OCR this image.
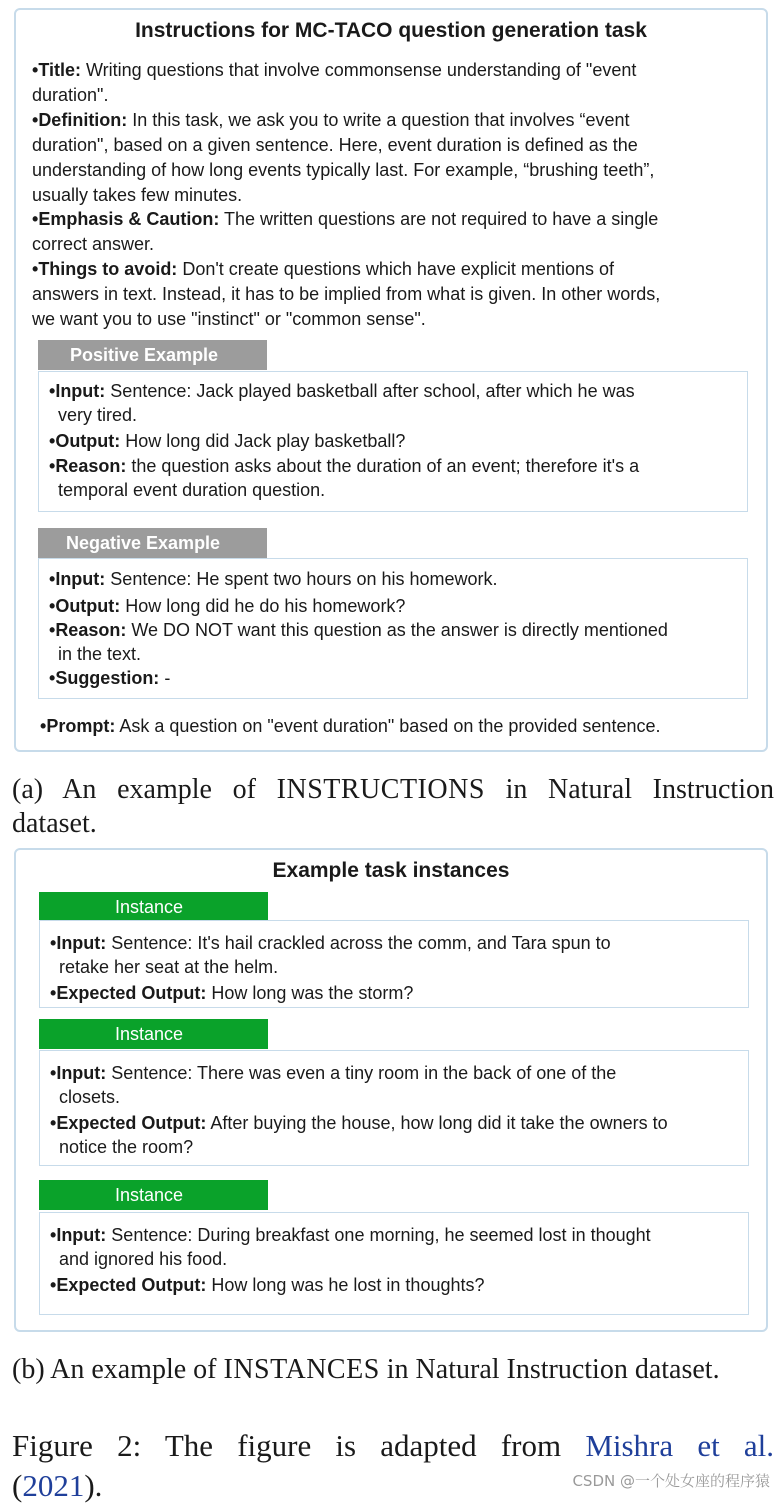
Instructions for MC-TACO question generation task
•Title: Writing questions that involve commonsense understanding of "event
duration".
•Definition: In this task, we ask you to write a question that involves “event
duration", based on a given sentence. Here, event duration is defined as the
understanding of how long events typically last. For example, “brushing teeth”,
usually takes few minutes.
•Emphasis & Caution: The written questions are not required to have a single
correct answer.
•Things to avoid: Don't create questions which have explicit mentions of
answers in text. Instead, it has to be implied from what is given. In other words,
we want you to use "instinct" or "common sense".
Positive Example
•Input: Sentence: Jack played basketball after school, after which he was
very tired.
•Output: How long did Jack play basketball?
•Reason: the question asks about the duration of an event; therefore it's a
temporal event duration question.
Negative Example
•Input: Sentence: He spent two hours on his homework.
•Output: How long did he do his homework?
•Reason: We DO NOT want this question as the answer is directly mentioned
in the text.
•Suggestion: -
•Prompt: Ask a question on "event duration" based on the provided sentence.
(a) An example of INSTRUCTIONS in Natural Instruction
dataset.
Example task instances
Instance
•Input: Sentence: It's hail crackled across the comm, and Tara spun to
retake her seat at the helm.
•Expected Output: How long was the storm?
Instance
•Input: Sentence: There was even a tiny room in the back of one of the
closets.
•Expected Output: After buying the house, how long did it take the owners to
notice the room?
Instance
•Input: Sentence: During breakfast one morning, he seemed lost in thought
and ignored his food.
•Expected Output: How long was he lost in thoughts?
(b) An example of INSTANCES in Natural Instruction dataset.
Figure 2: The figure is adapted from Mishra et al.
(2021).	CSDN @一个处女座的程序猿
